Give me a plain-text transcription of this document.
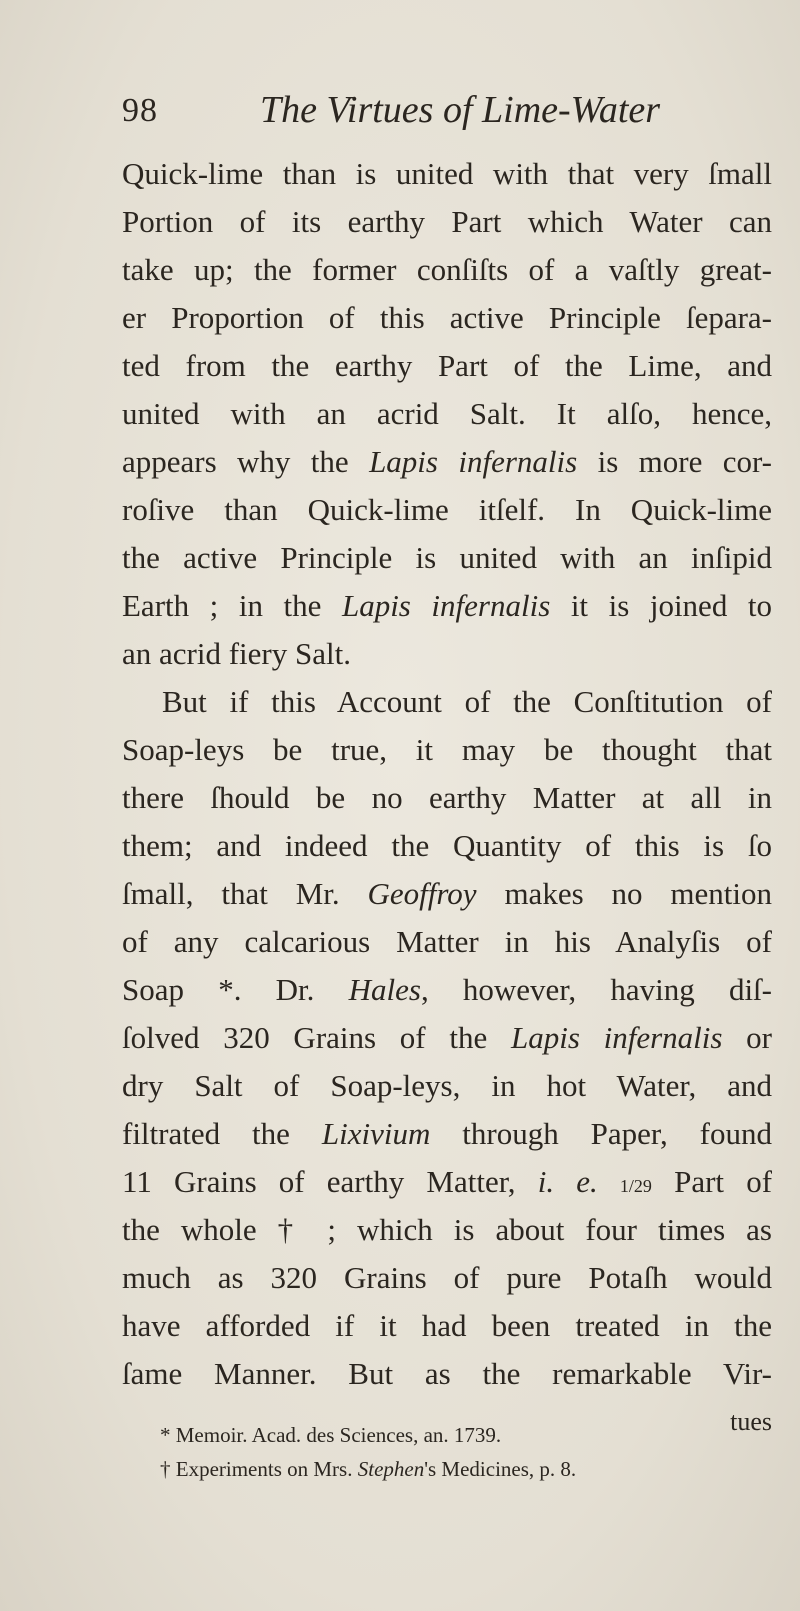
98	The Virtues of Lime-Water
Quick-lime than is united with that very ſmall
Portion of its earthy Part which Water can
take up; the former conſiſts of a vaſtly great-
er Proportion of this active Principle ſepara-
ted from the earthy Part of the Lime, and
united with an acrid Salt. It alſo, hence,
appears why the Lapis infernalis is more cor-
roſive than Quick-lime itſelf. In Quick-lime
the active Principle is united with an inſipid
Earth ; in the Lapis infernalis it is joined to
an acrid fiery Salt.
But if this Account of the Conſtitution of
Soap-leys be true, it may be thought that
there ſhould be no earthy Matter at all in
them; and indeed the Quantity of this is ſo
ſmall, that Mr. Geoffroy makes no mention
of any calcarious Matter in his Analyſis of
Soap *. Dr. Hales, however, having diſ-
ſolved 320 Grains of the Lapis infernalis or
dry Salt of Soap-leys, in hot Water, and
filtrated the Lixivium through Paper, found
11 Grains of earthy Matter, i. e. 1/29 Part of
the whole † ; which is about four times as
much as 320 Grains of pure Potaſh would
have afforded if it had been treated in the
ſame Manner. But as the remarkable Vir-
tues
* Memoir. Acad. des Sciences, an. 1739.
† Experiments on Mrs. Stephen's Medicines, p. 8.
